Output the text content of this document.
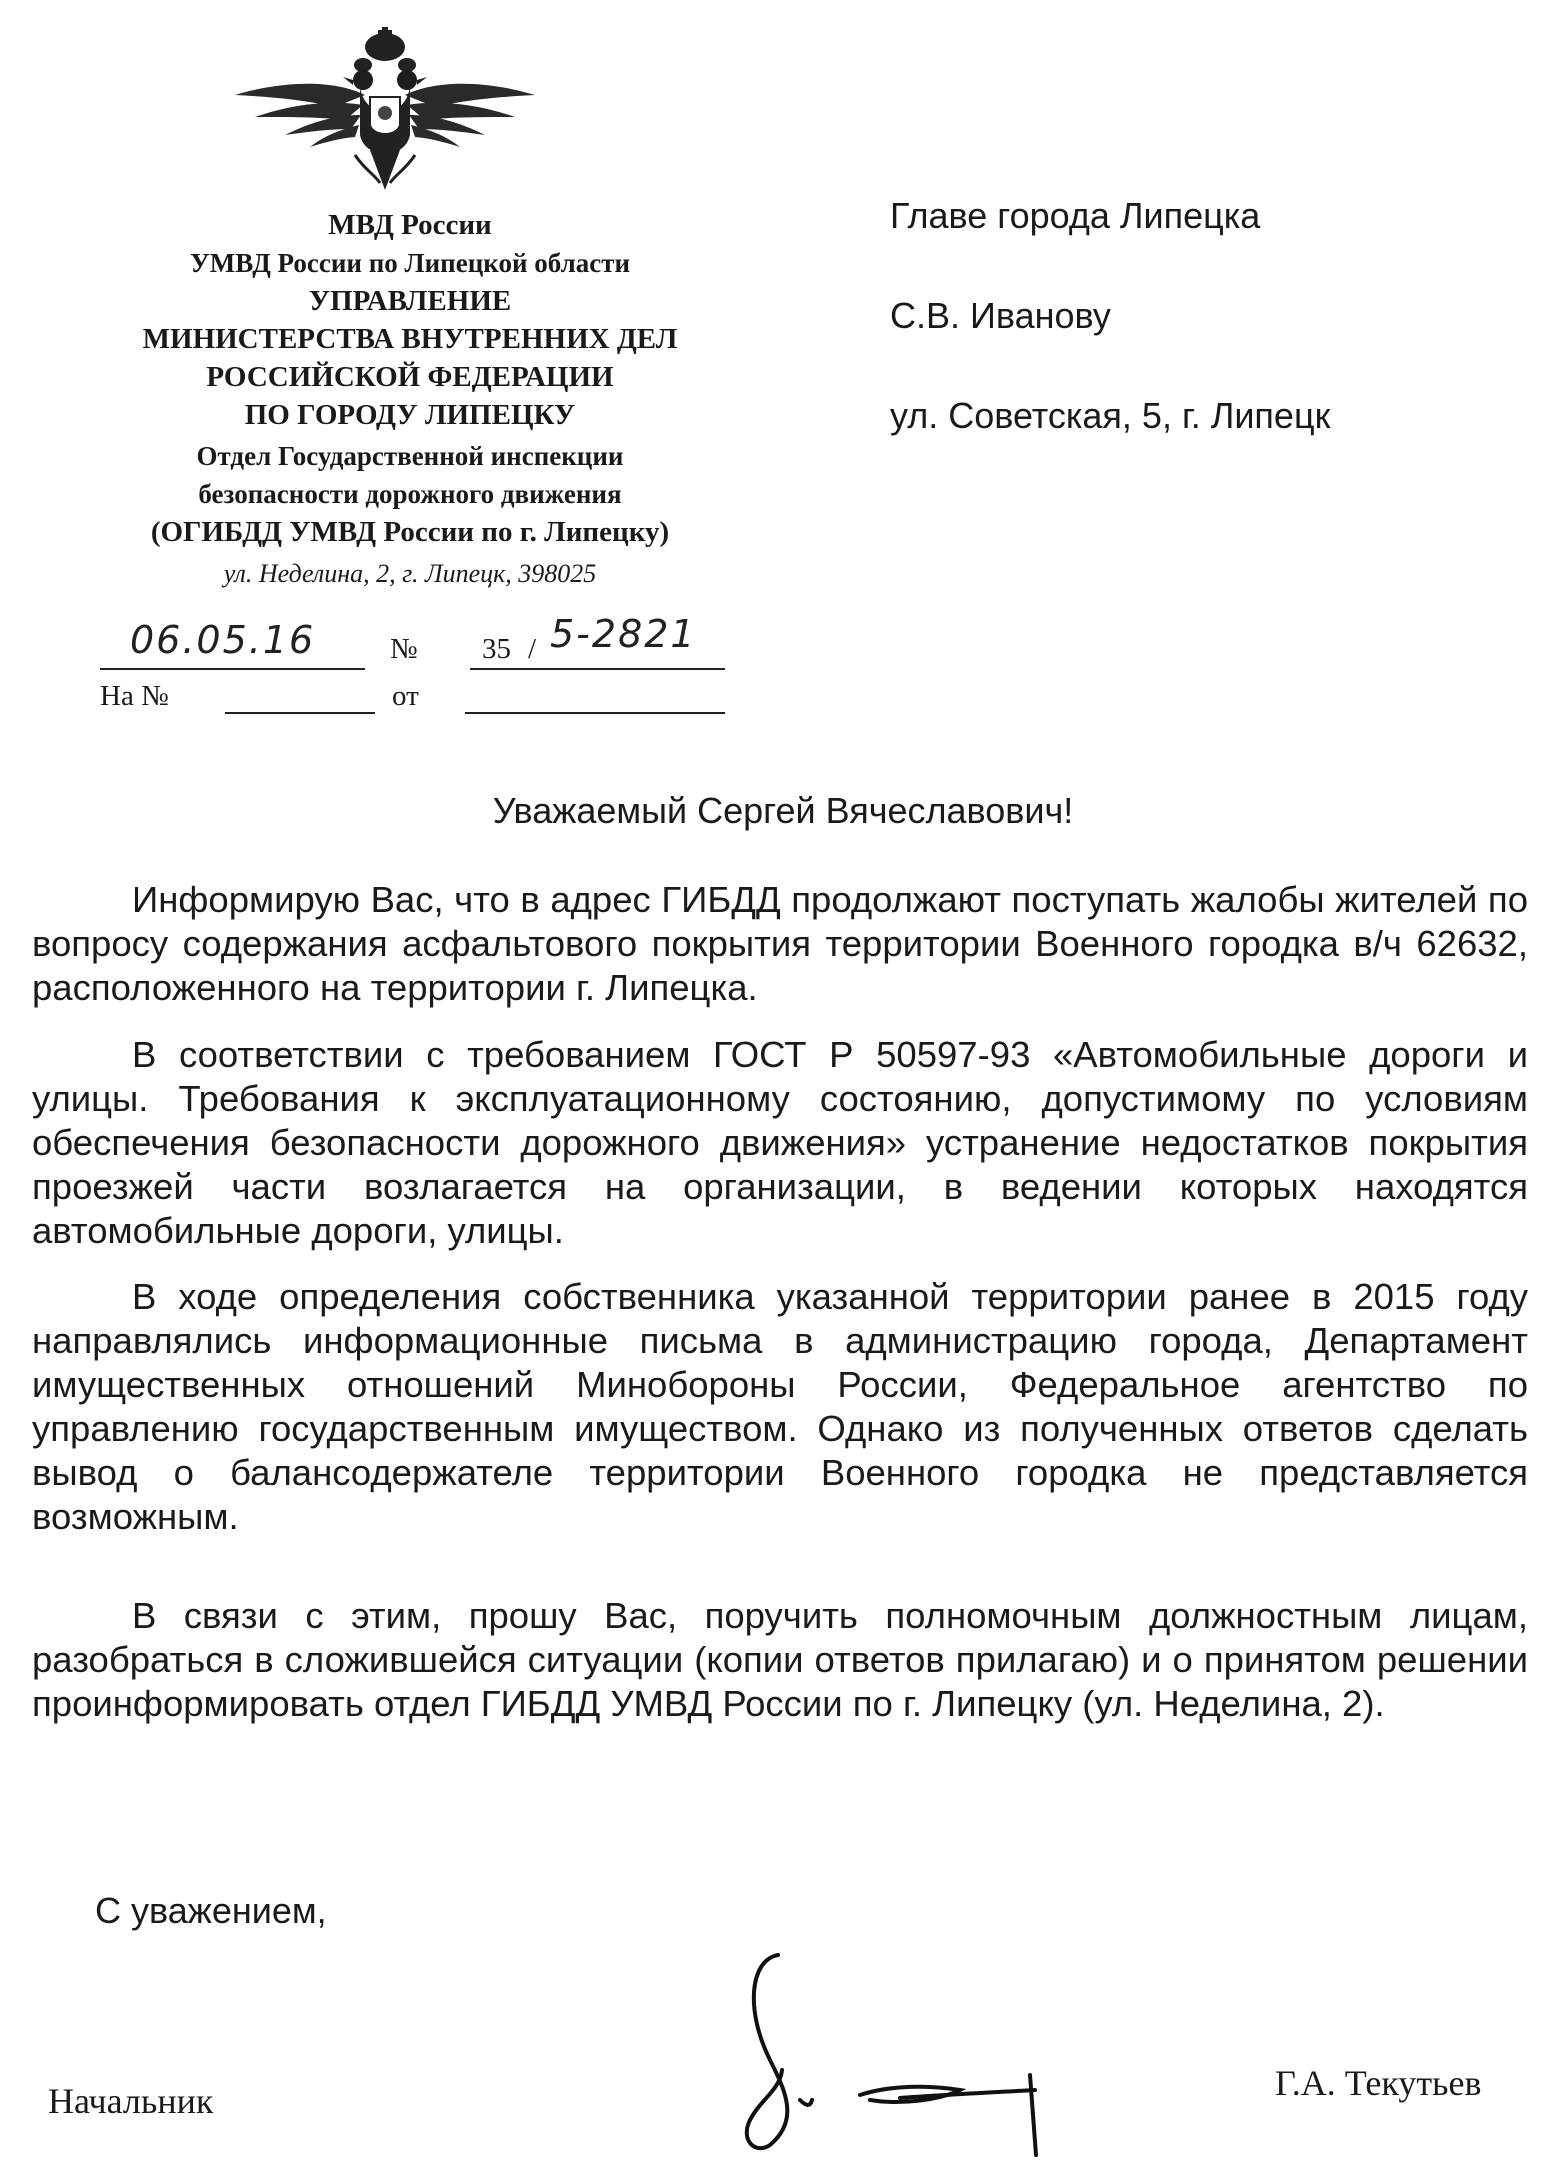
МВД России
УМВД России по Липецкой области
УПРАВЛЕНИЕ
МИНИСТЕРСТВА ВНУТРЕННИХ ДЕЛ
РОССИЙСКОЙ ФЕДЕРАЦИИ
ПО ГОРОДУ ЛИПЕЦКУ
Отдел Государственной инспекции
безопасности дорожного движения
(ОГИБДД УМВД России по г. Липецку)
ул. Неделина, 2, г. Липецк, 398025
Главе города Липецка
С.В. Иванову
ул. Советская, 5, г. Липецк
06.05.16	№ 35 / 5-2821
На №	от
Уважаемый Сергей Вячеславович!
Информирую Вас, что в адрес ГИБДД продолжают поступать жалобы жителей по вопросу содержания асфальтового покрытия территории Военного городка в/ч 62632, расположенного на территории г. Липецка.
В соответствии с требованием ГОСТ Р 50597-93 «Автомобильные дороги и улицы. Требования к эксплуатационному состоянию, допустимому по условиям обеспечения безопасности дорожного движения» устранение недостатков покрытия проезжей части возлагается на организации, в ведении которых находятся автомобильные дороги, улицы.
В ходе определения собственника указанной территории ранее в 2015 году направлялись информационные письма в администрацию города, Департамент имущественных отношений Минобороны России, Федеральное агентство по управлению государственным имуществом. Однако из полученных ответов сделать вывод о балансодержателе территории Военного городка не представляется возможным.
В связи с этим, прошу Вас, поручить полномочным должностным лицам, разобраться в сложившейся ситуации (копии ответов прилагаю) и о принятом решении проинформировать отдел ГИБДД УМВД России по г. Липецку (ул. Неделина, 2).
С уважением,
Начальник	Г.А. Текутьев
